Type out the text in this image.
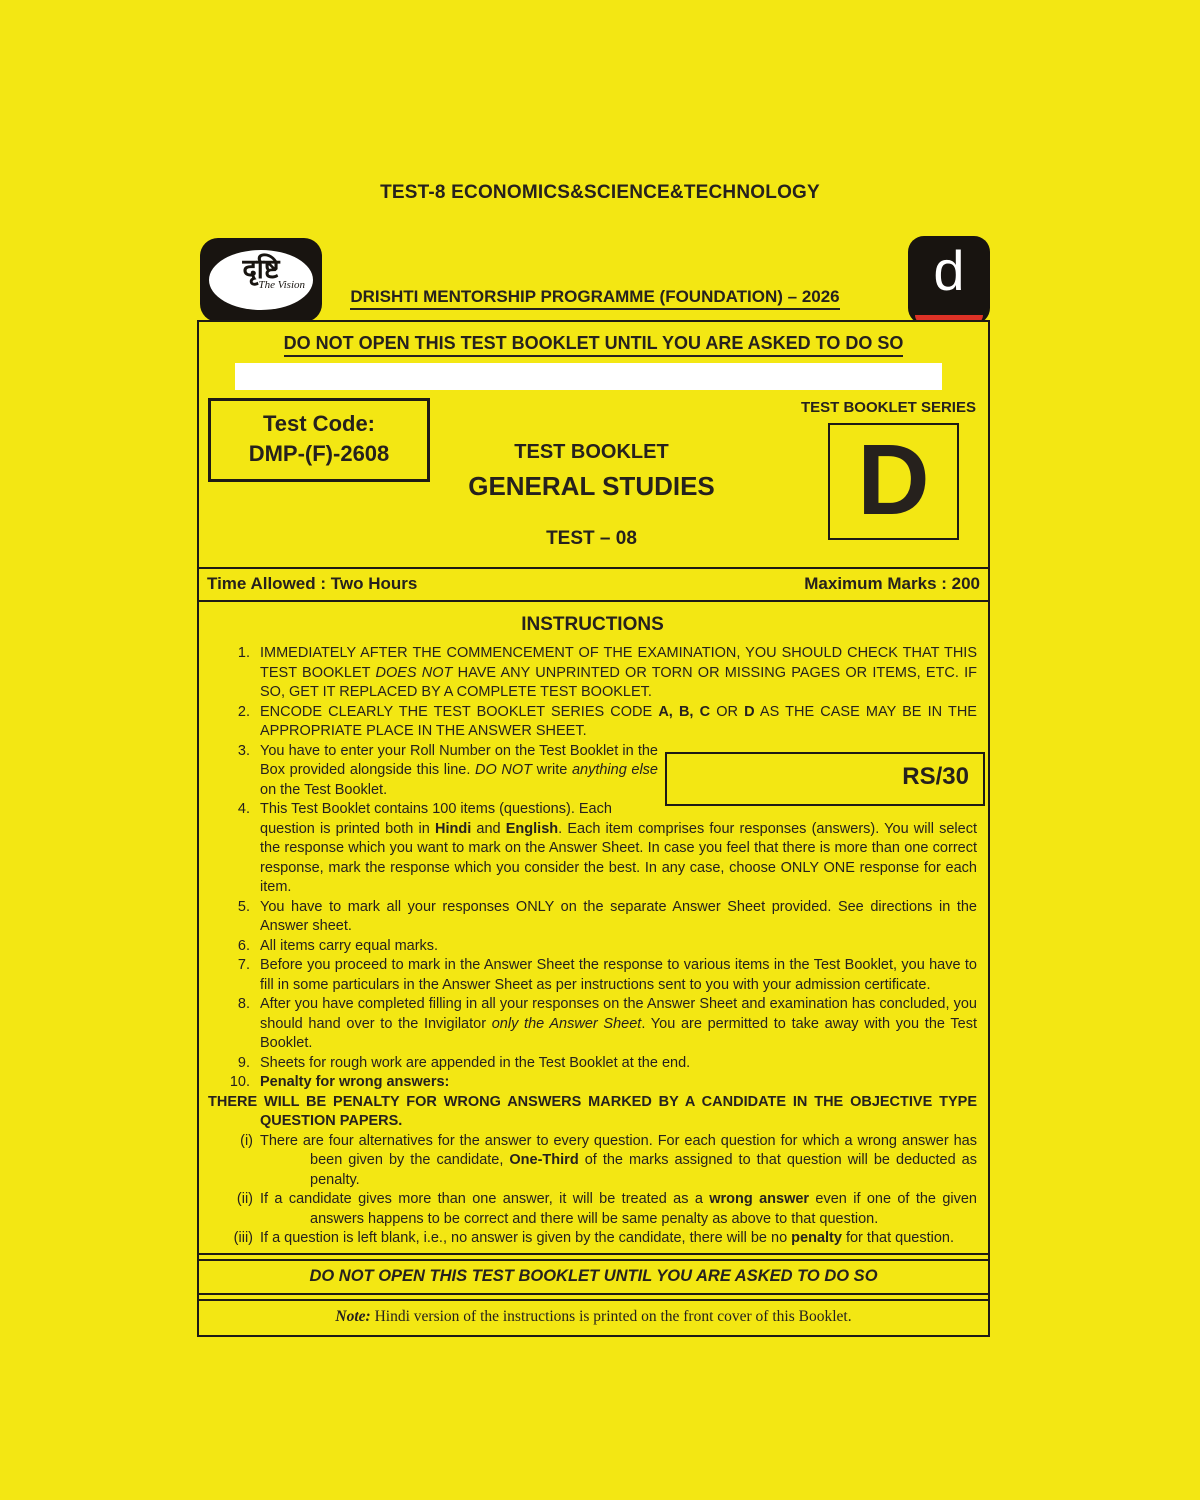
TEST-8 ECONOMICS&SCIENCE&TECHNOLOGY
दृष्टि
The Vision
DRISHTI MENTORSHIP PROGRAMME (FOUNDATION) – 2026	d
DO NOT OPEN THIS TEST BOOKLET UNTIL YOU ARE ASKED TO DO SO
Test Code:
DMP-(F)-2608
TEST BOOKLET SERIES
D
TEST BOOKLET
GENERAL STUDIES
TEST – 08
Time Allowed : Two Hours	Maximum Marks : 200
INSTRUCTIONS
RS/30
1. IMMEDIATELY AFTER THE COMMENCEMENT OF THE EXAMINATION, YOU SHOULD CHECK THAT THIS TEST BOOKLET DOES NOT HAVE ANY UNPRINTED OR TORN OR MISSING PAGES OR ITEMS, ETC. IF SO, GET IT REPLACED BY A COMPLETE TEST BOOKLET.
2. ENCODE CLEARLY THE TEST BOOKLET SERIES CODE A, B, C OR D AS THE CASE MAY BE IN THE APPROPRIATE PLACE IN THE ANSWER SHEET.
3. You have to enter your Roll Number on the Test Booklet in the Box provided alongside this line. DO NOT write anything else on the Test Booklet.
4. This Test Booklet contains 100 items (questions). Each
question is printed both in Hindi and English. Each item comprises four responses (answers). You will select the response which you want to mark on the Answer Sheet. In case you feel that there is more than one correct response, mark the response which you consider the best. In any case, choose ONLY ONE response for each item.
5. You have to mark all your responses ONLY on the separate Answer Sheet provided. See directions in the Answer sheet.
6. All items carry equal marks.
7. Before you proceed to mark in the Answer Sheet the response to various items in the Test Booklet, you have to fill in some particulars in the Answer Sheet as per instructions sent to you with your admission certificate.
8. After you have completed filling in all your responses on the Answer Sheet and examination has concluded, you should hand over to the Invigilator only the Answer Sheet. You are permitted to take away with you the Test Booklet.
9. Sheets for rough work are appended in the Test Booklet at the end.
10. Penalty for wrong answers:
THERE WILL BE PENALTY FOR WRONG ANSWERS MARKED BY A CANDIDATE IN THE OBJECTIVE TYPE QUESTION PAPERS.
(i) There are four alternatives for the answer to every question. For each question for which a wrong answer has been given by the candidate, One-Third of the marks assigned to that question will be deducted as penalty.
(ii) If a candidate gives more than one answer, it will be treated as a wrong answer even if one of the given answers happens to be correct and there will be same penalty as above to that question.
(iii) If a question is left blank, i.e., no answer is given by the candidate, there will be no penalty for that question.
DO NOT OPEN THIS TEST BOOKLET UNTIL YOU ARE ASKED TO DO SO
Note: Hindi version of the instructions is printed on the front cover of this Booklet.
